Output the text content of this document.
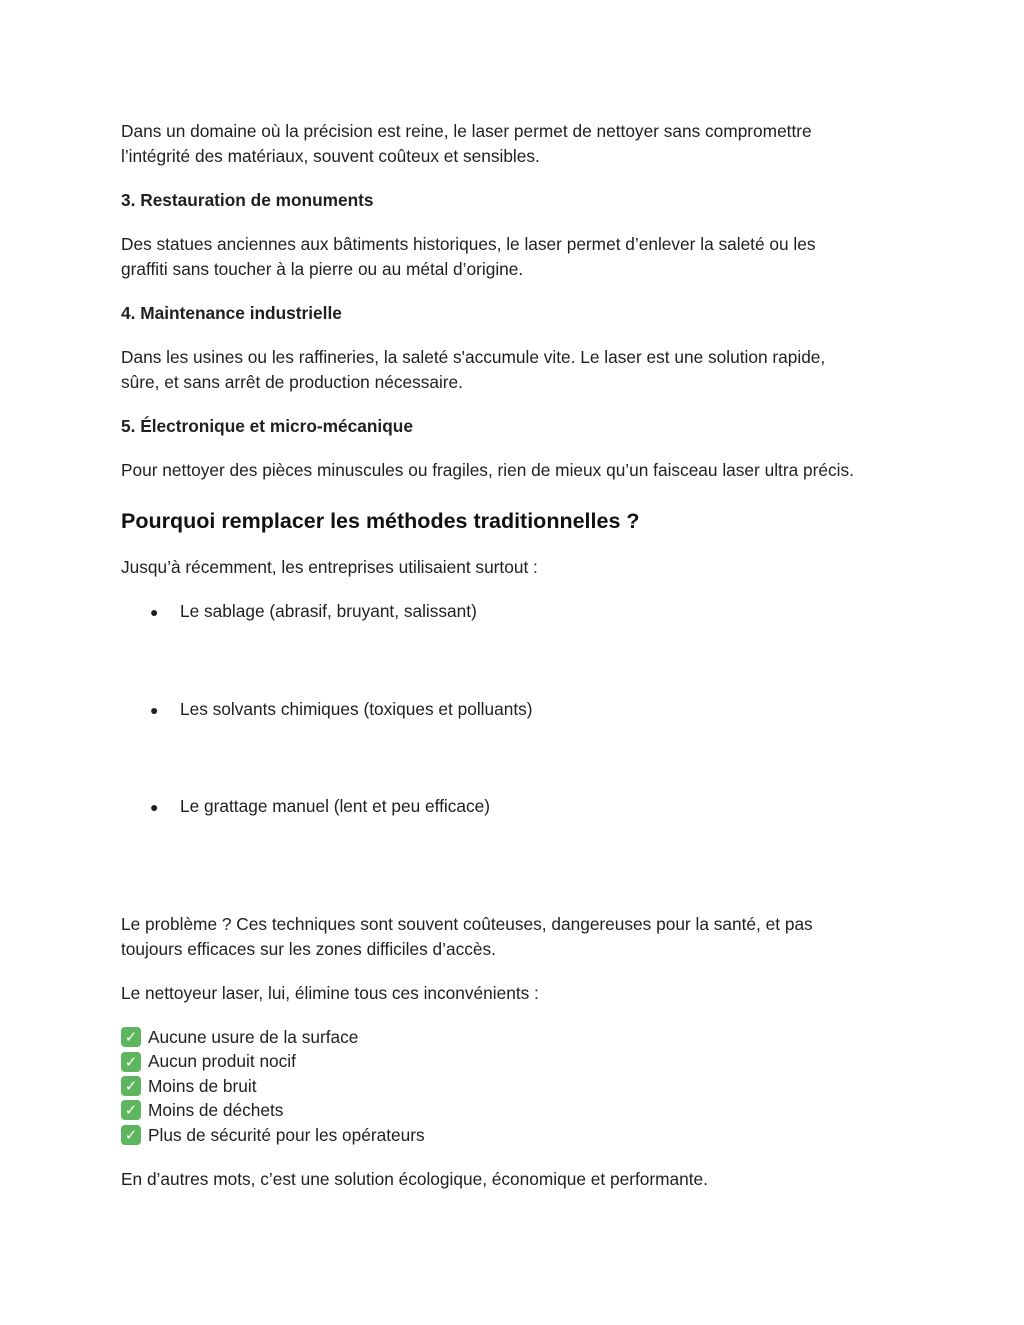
Dans un domaine où la précision est reine, le laser permet de nettoyer sans compromettre
l’intégrité des matériaux, souvent coûteux et sensibles.

3. Restauration de monuments

Des statues anciennes aux bâtiments historiques, le laser permet d’enlever la saleté ou les
graffiti sans toucher à la pierre ou au métal d’origine.

4. Maintenance industrielle

Dans les usines ou les raffineries, la saleté s'accumule vite. Le laser est une solution rapide,
sûre, et sans arrêt de production nécessaire.

5. Électronique et micro-mécanique

Pour nettoyer des pièces minuscules ou fragiles, rien de mieux qu’un faisceau laser ultra précis.

Pourquoi remplacer les méthodes traditionnelles ?

Jusqu’à récemment, les entreprises utilisaient surtout :

●	Le sablage (abrasif, bruyant, salissant)
●	Les solvants chimiques (toxiques et polluants)
●	Le grattage manuel (lent et peu efficace)

Le problème ? Ces techniques sont souvent coûteuses, dangereuses pour la santé, et pas
toujours efficaces sur les zones difficiles d’accès.

Le nettoyeur laser, lui, élimine tous ces inconvénients :

✓ Aucune usure de la surface
✓ Aucun produit nocif
✓ Moins de bruit
✓ Moins de déchets
✓ Plus de sécurité pour les opérateurs

En d’autres mots, c’est une solution écologique, économique et performante.
